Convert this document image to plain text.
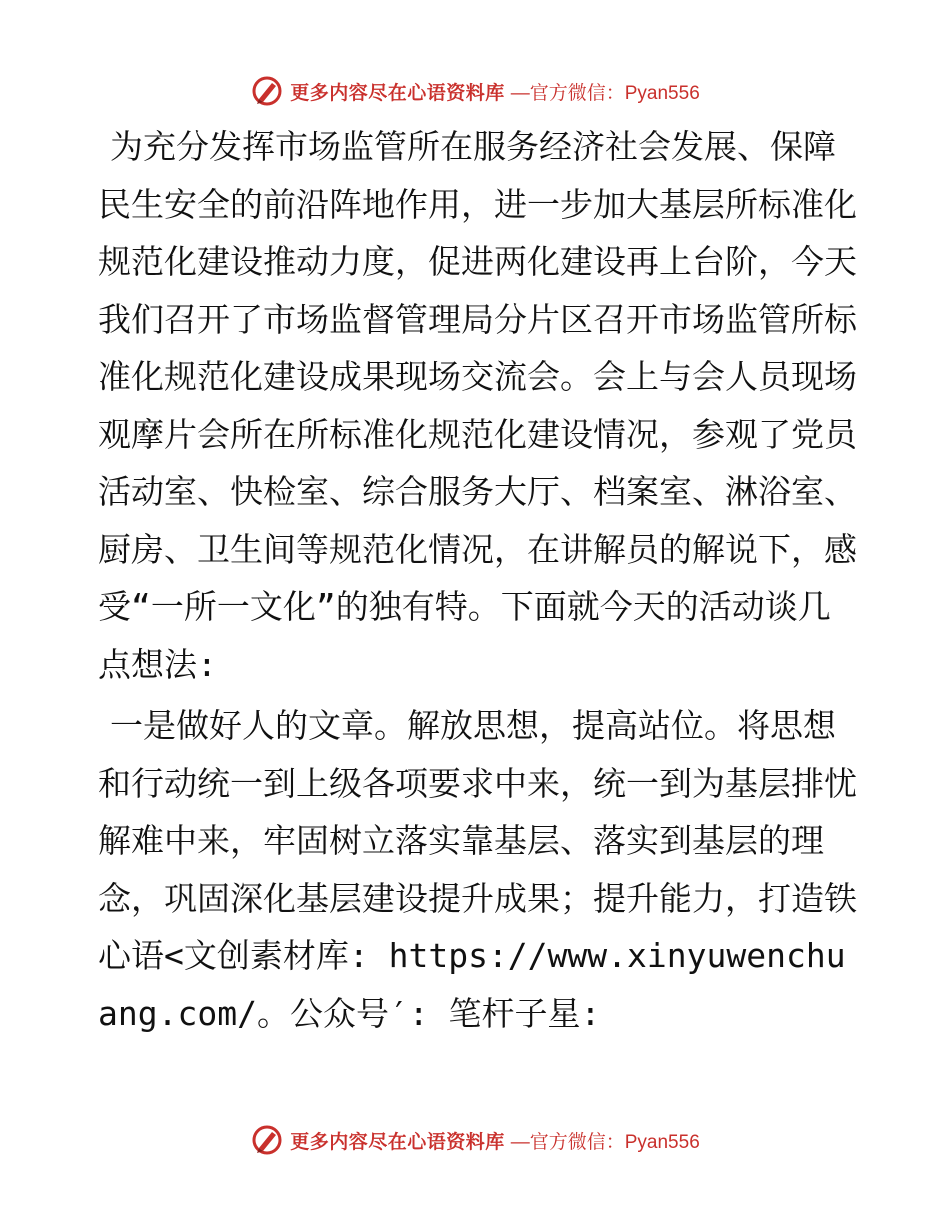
更多内容尽在心语资料库 —官方微信：Pyan556

为充分发挥市场监管所在服务经济社会发展、保障民生安全的前沿阵地作用，进一步加大基层所标准化规范化建设推动力度，促进两化建设再上台阶，今天我们召开了市场监督管理局分片区召开市场监管所标准化规范化建设成果现场交流会。会上与会人员现场观摩片会所在所标准化规范化建设情况，参观了党员活动室、快检室、综合服务大厅、档案室、淋浴室、厨房、卫生间等规范化情况，在讲解员的解说下，感受“一所一文化”的独有特。下面就今天的活动谈几点想法:

一是做好人的文章。解放思想，提高站位。将思想和行动统一到上级各项要求中来，统一到为基层排忧解难中来，牢固树立落实靠基层、落实到基层的理念，巩固深化基层建设提升成果；提升能力，打造铁心语<文创素材库: https://www.xinyuwenchuang.com/。公众号′: 笔杆子星:

更多内容尽在心语资料库 —官方微信：Pyan556
